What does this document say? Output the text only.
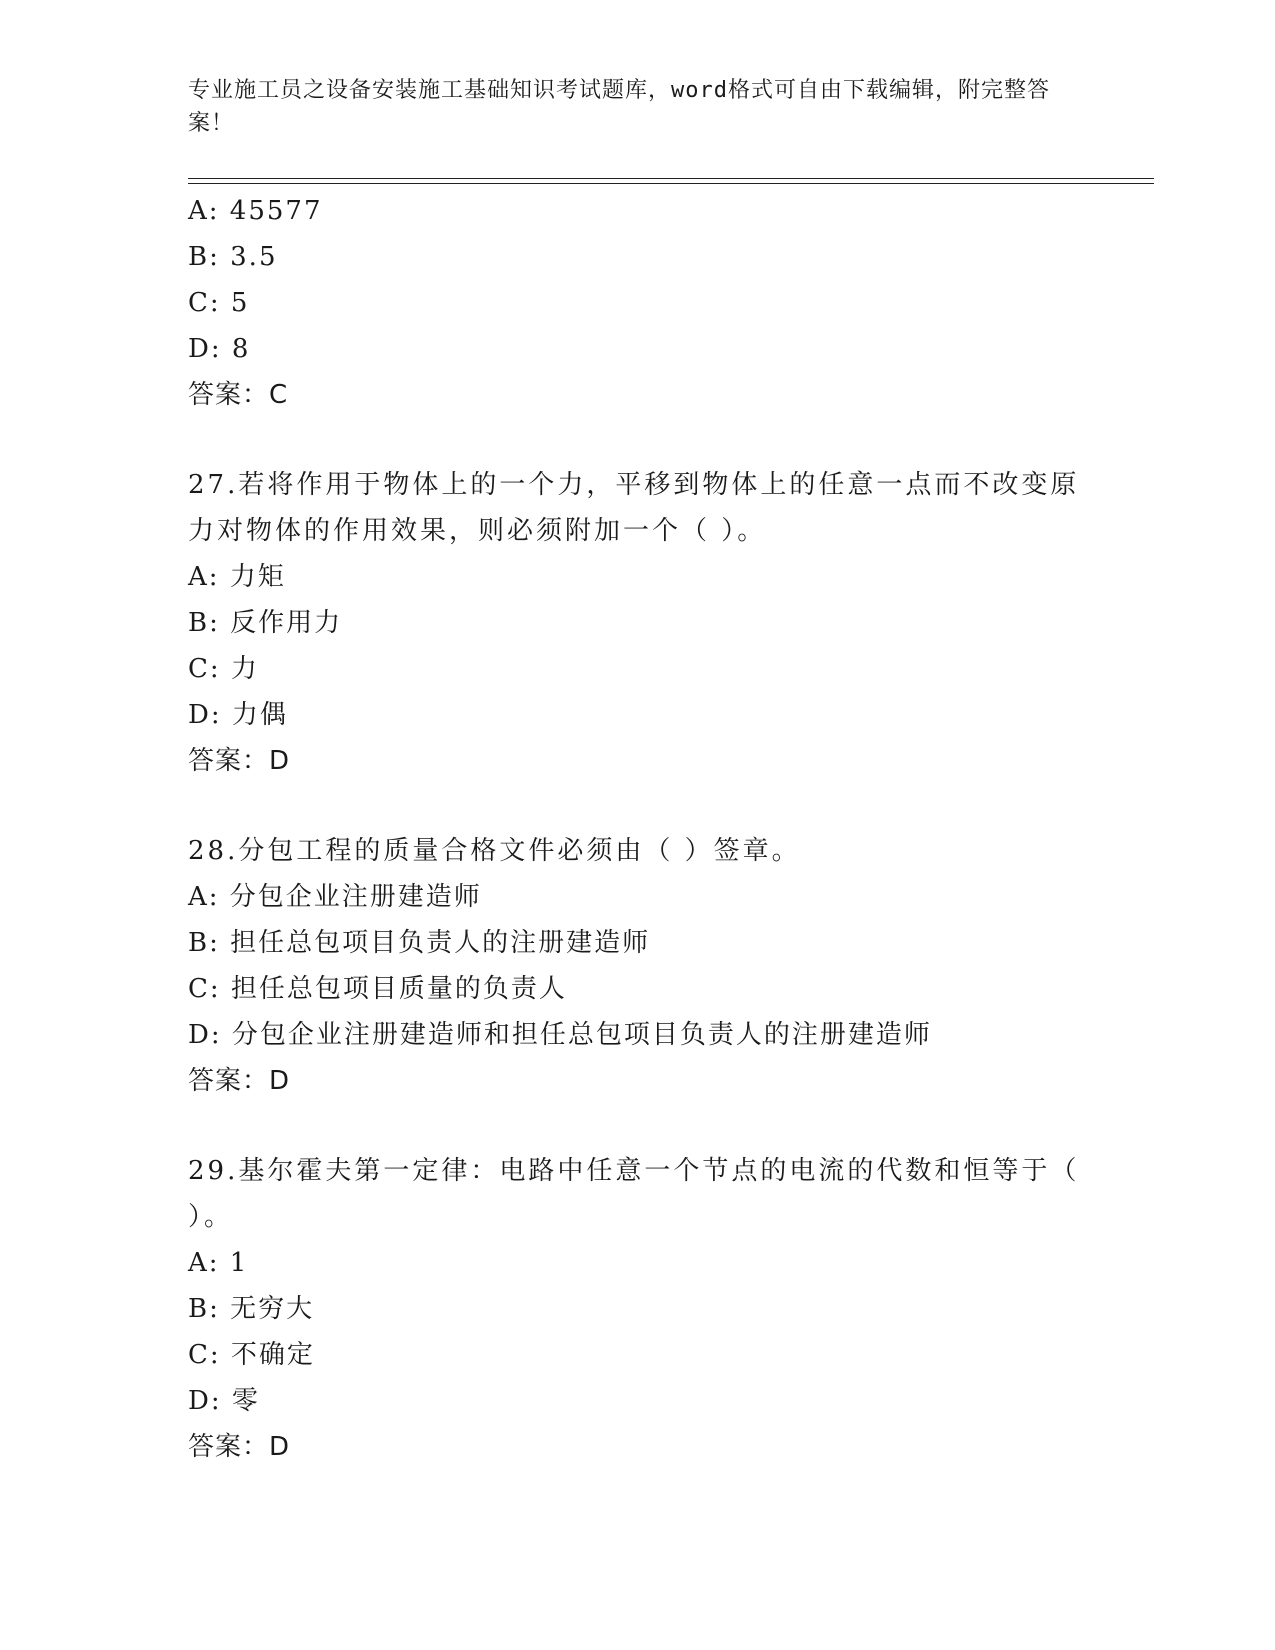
专业施工员之设备安装施工基础知识考试题库，word格式可自由下载编辑，附完整答案！
A: 45577
B: 3.5
C: 5
D: 8
答案：C
27.若将作用于物体上的一个力，平移到物体上的任意一点而不改变原力对物体的作用效果，则必须附加一个（ ）。
A: 力矩
B: 反作用力
C: 力
D: 力偶
答案：D
28.分包工程的质量合格文件必须由（ ）签章。
A: 分包企业注册建造师
B: 担任总包项目负责人的注册建造师
C: 担任总包项目质量的负责人
D: 分包企业注册建造师和担任总包项目负责人的注册建造师
答案：D
29.基尔霍夫第一定律：电路中任意一个节点的电流的代数和恒等于（ ）。
A: 1
B: 无穷大
C: 不确定
D: 零
答案：D
